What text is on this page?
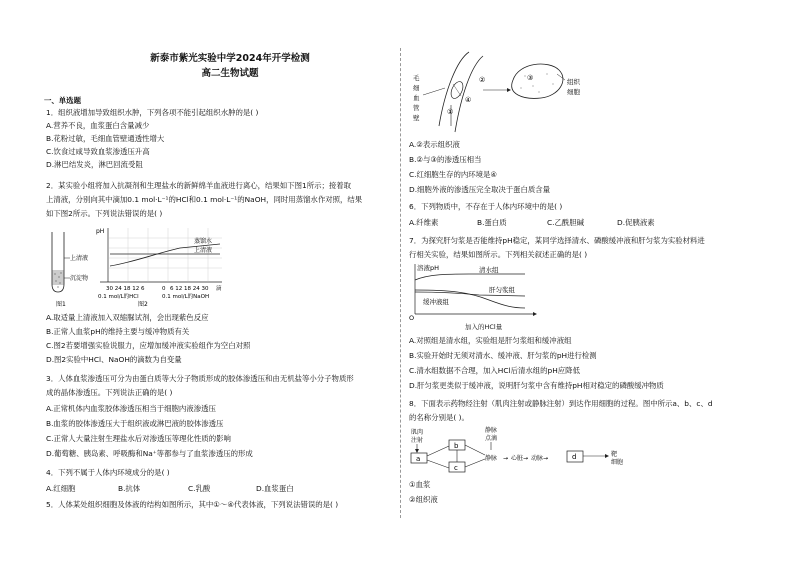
新泰市紫光实验中学2024年开学检测
高二生物试题
一、单选题
1．组织液增加导致组织水肿，下列各项不能引起组织水肿的是( )
A.营养不良，血浆蛋白含量减少
B.花粉过敏，毛细血管壁通透性增大
C.饮食过咸导致血浆渗透压升高
D.淋巴结发炎，淋巴回流受阻
2．某实验小组将加入抗凝剂和生理盐水的新鲜绵羊血液进行离心，结果如下图1所示；接着取
上清液，分别向其中滴加0.1 mol·L⁻¹的HCl和0.1 mol·L⁻¹的NaOH，同时用蒸馏水作对照，结果
如下图2所示。下列说法错误的是( )
上清液
沉淀物
图1
pH
蒸馏水
上清液
30 24 18 12 6	0 6 12 18 24 30 滴
0.1 mol/L的HCl	0.1 mol/L的NaOH
图2
A.取适量上清液加入双缩脲试剂，会出现紫色反应
B.正常人血浆pH的维持主要与缓冲物质有关
C.图2若要增强实验说服力，应增加缓冲液实验组作为空白对照
D.图2实验中HCl、NaOH的滴数为自变量
3．人体血浆渗透压可分为由蛋白质等大分子物质形成的胶体渗透压和由无机盐等小分子物质形
成的晶体渗透压。下列说法正确的是( )
A.正常机体内血浆胶体渗透压相当于细胞内液渗透压
B.血浆的胶体渗透压大于组织液或淋巴液的胶体渗透压
C.正常人大量注射生理盐水后对渗透压等理化性质的影响
D.葡萄糖、胰岛素、呼吸酶和Na⁺等都参与了血浆渗透压的形成
4．下列不属于人体内环境成分的是( )
A.红细胞	B.抗体	C.乳酸	D.血浆蛋白
5．人体某处组织细胞及体液的结构如图所示，其中①～④代表体液，下列说法错误的是( )
毛
细
血
管
壁
①
②
④
③	组织
细胞
A.②表示组织液
B.②与③的渗透压相当
C.红细胞生存的内环境是④
D.细胞外液的渗透压完全取决于蛋白质含量
6．下列物质中，不存在于人体内环境中的是( )
A.纤维素	B.蛋白质	C.乙酰胆碱	D.促胰液素
7．为探究肝匀浆是否能维持pH稳定，某同学选择清水、磷酸缓冲液和肝匀浆为实验材料进
行相关实验，结果如图所示。下列相关叙述正确的是( )
溶液pH	清水组
肝匀浆组
缓冲液组
O
加入的HCl量
A.对照组是清水组，实验组是肝匀浆组和缓冲液组
B.实验开始时无须对清水、缓冲液、肝匀浆的pH进行检测
C.清水组数据不合理，加入HCl后清水组的pH应降低
D.肝匀浆更类似于缓冲液，说明肝匀浆中含有维持pH相对稳定的磷酸缓冲物质
8．下面表示药物经注射（肌肉注射或静脉注射）到达作用细胞的过程。图中所示a、b、c、d
的名称分别是( )。
肌肉
注射
a
b
c
静脉
点滴
静脉 → 心脏 → 动脉 →	d	靶
细胞
①血浆
②组织液
